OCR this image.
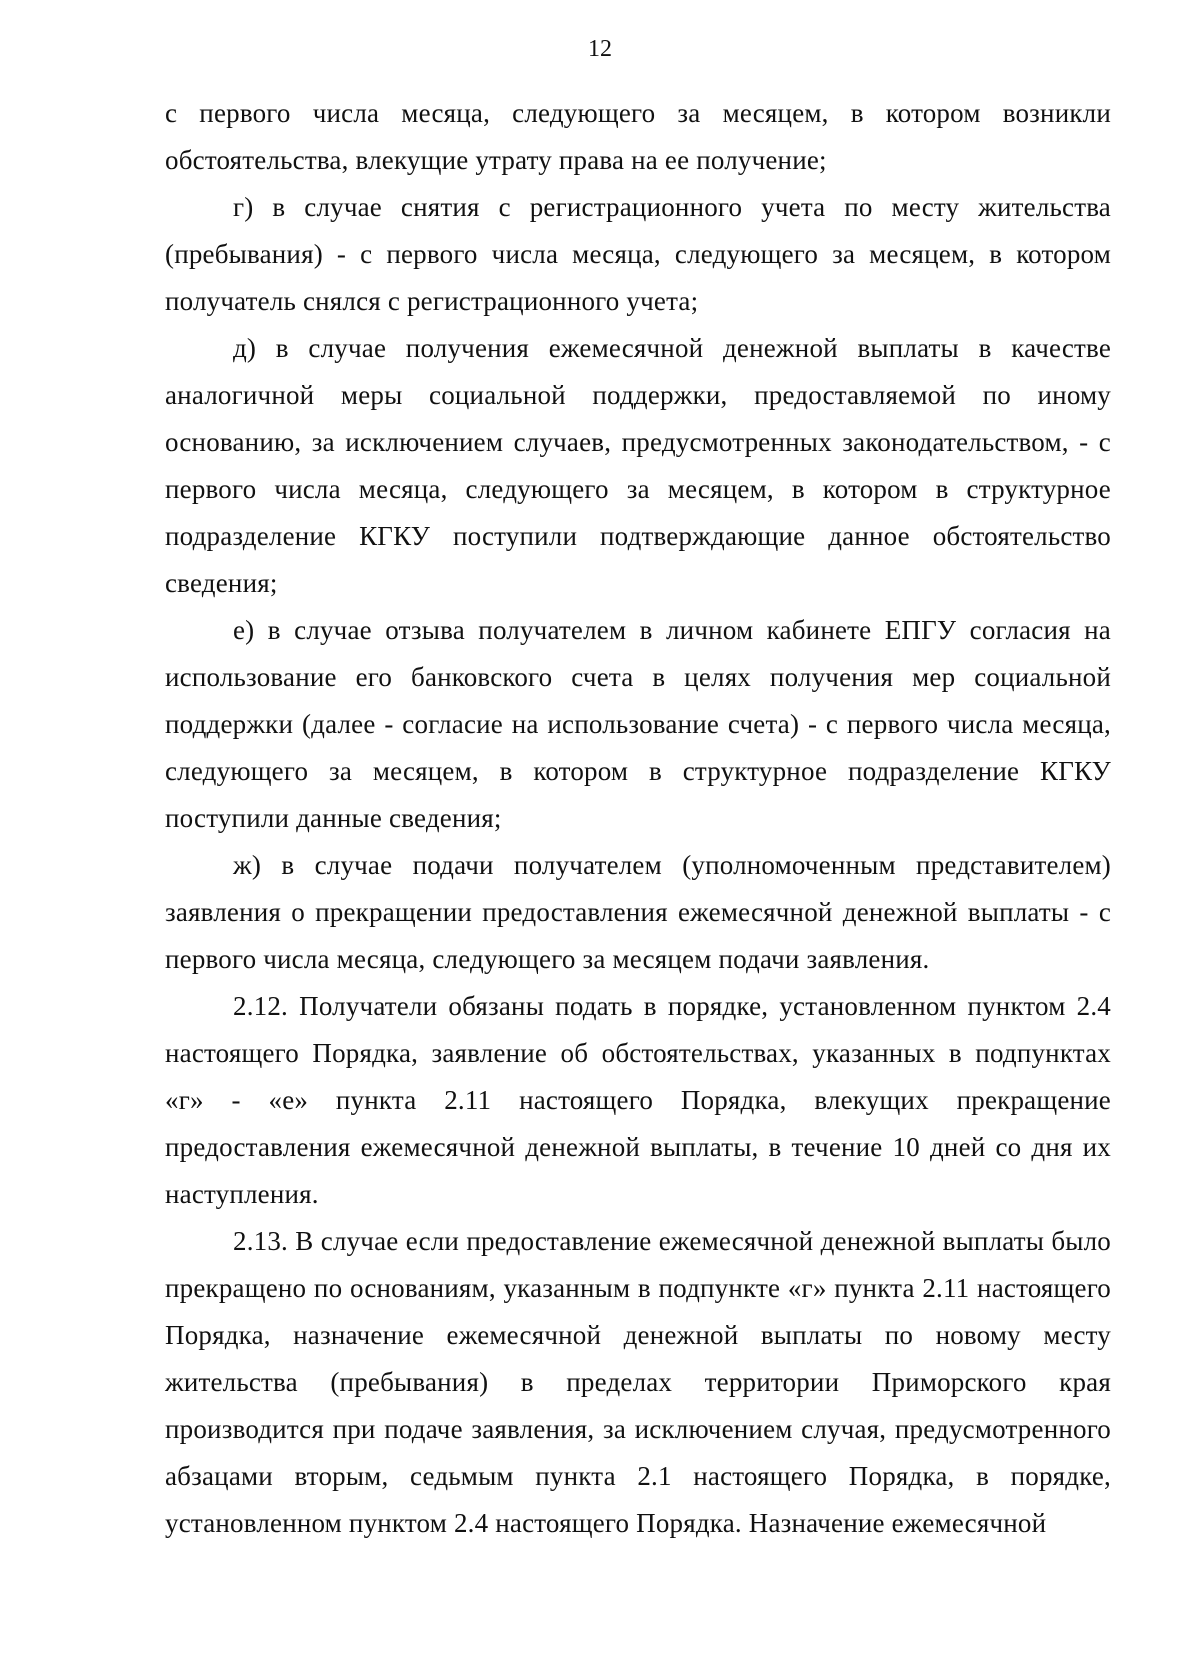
12

с первого числа месяца, следующего за месяцем, в котором возникли обстоятельства, влекущие утрату права на ее получение;

г) в случае снятия с регистрационного учета по месту жительства (пребывания) - с первого числа месяца, следующего за месяцем, в котором получатель снялся с регистрационного учета;

д) в случае получения ежемесячной денежной выплаты в качестве аналогичной меры социальной поддержки, предоставляемой по иному основанию, за исключением случаев, предусмотренных законодательством, - с первого числа месяца, следующего за месяцем, в котором в структурное подразделение КГКУ поступили подтверждающие данное обстоятельство сведения;

е) в случае отзыва получателем в личном кабинете ЕПГУ согласия на использование его банковского счета в целях получения мер социальной поддержки (далее - согласие на использование счета) - с первого числа месяца, следующего за месяцем, в котором в структурное подразделение КГКУ поступили данные сведения;

ж) в случае подачи получателем (уполномоченным представителем) заявления о прекращении предоставления ежемесячной денежной выплаты - с первого числа месяца, следующего за месяцем подачи заявления.

2.12. Получатели обязаны подать в порядке, установленном пунктом 2.4 настоящего Порядка, заявление об обстоятельствах, указанных в подпунктах «г» - «е» пункта 2.11 настоящего Порядка, влекущих прекращение предоставления ежемесячной денежной выплаты, в течение 10 дней со дня их наступления.

2.13. В случае если предоставление ежемесячной денежной выплаты было прекращено по основаниям, указанным в подпункте «г» пункта 2.11 настоящего Порядка, назначение ежемесячной денежной выплаты по новому месту жительства (пребывания) в пределах территории Приморского края производится при подаче заявления, за исключением случая, предусмотренного абзацами вторым, седьмым пункта 2.1 настоящего Порядка, в порядке, установленном пунктом 2.4 настоящего Порядка. Назначение ежемесячной
